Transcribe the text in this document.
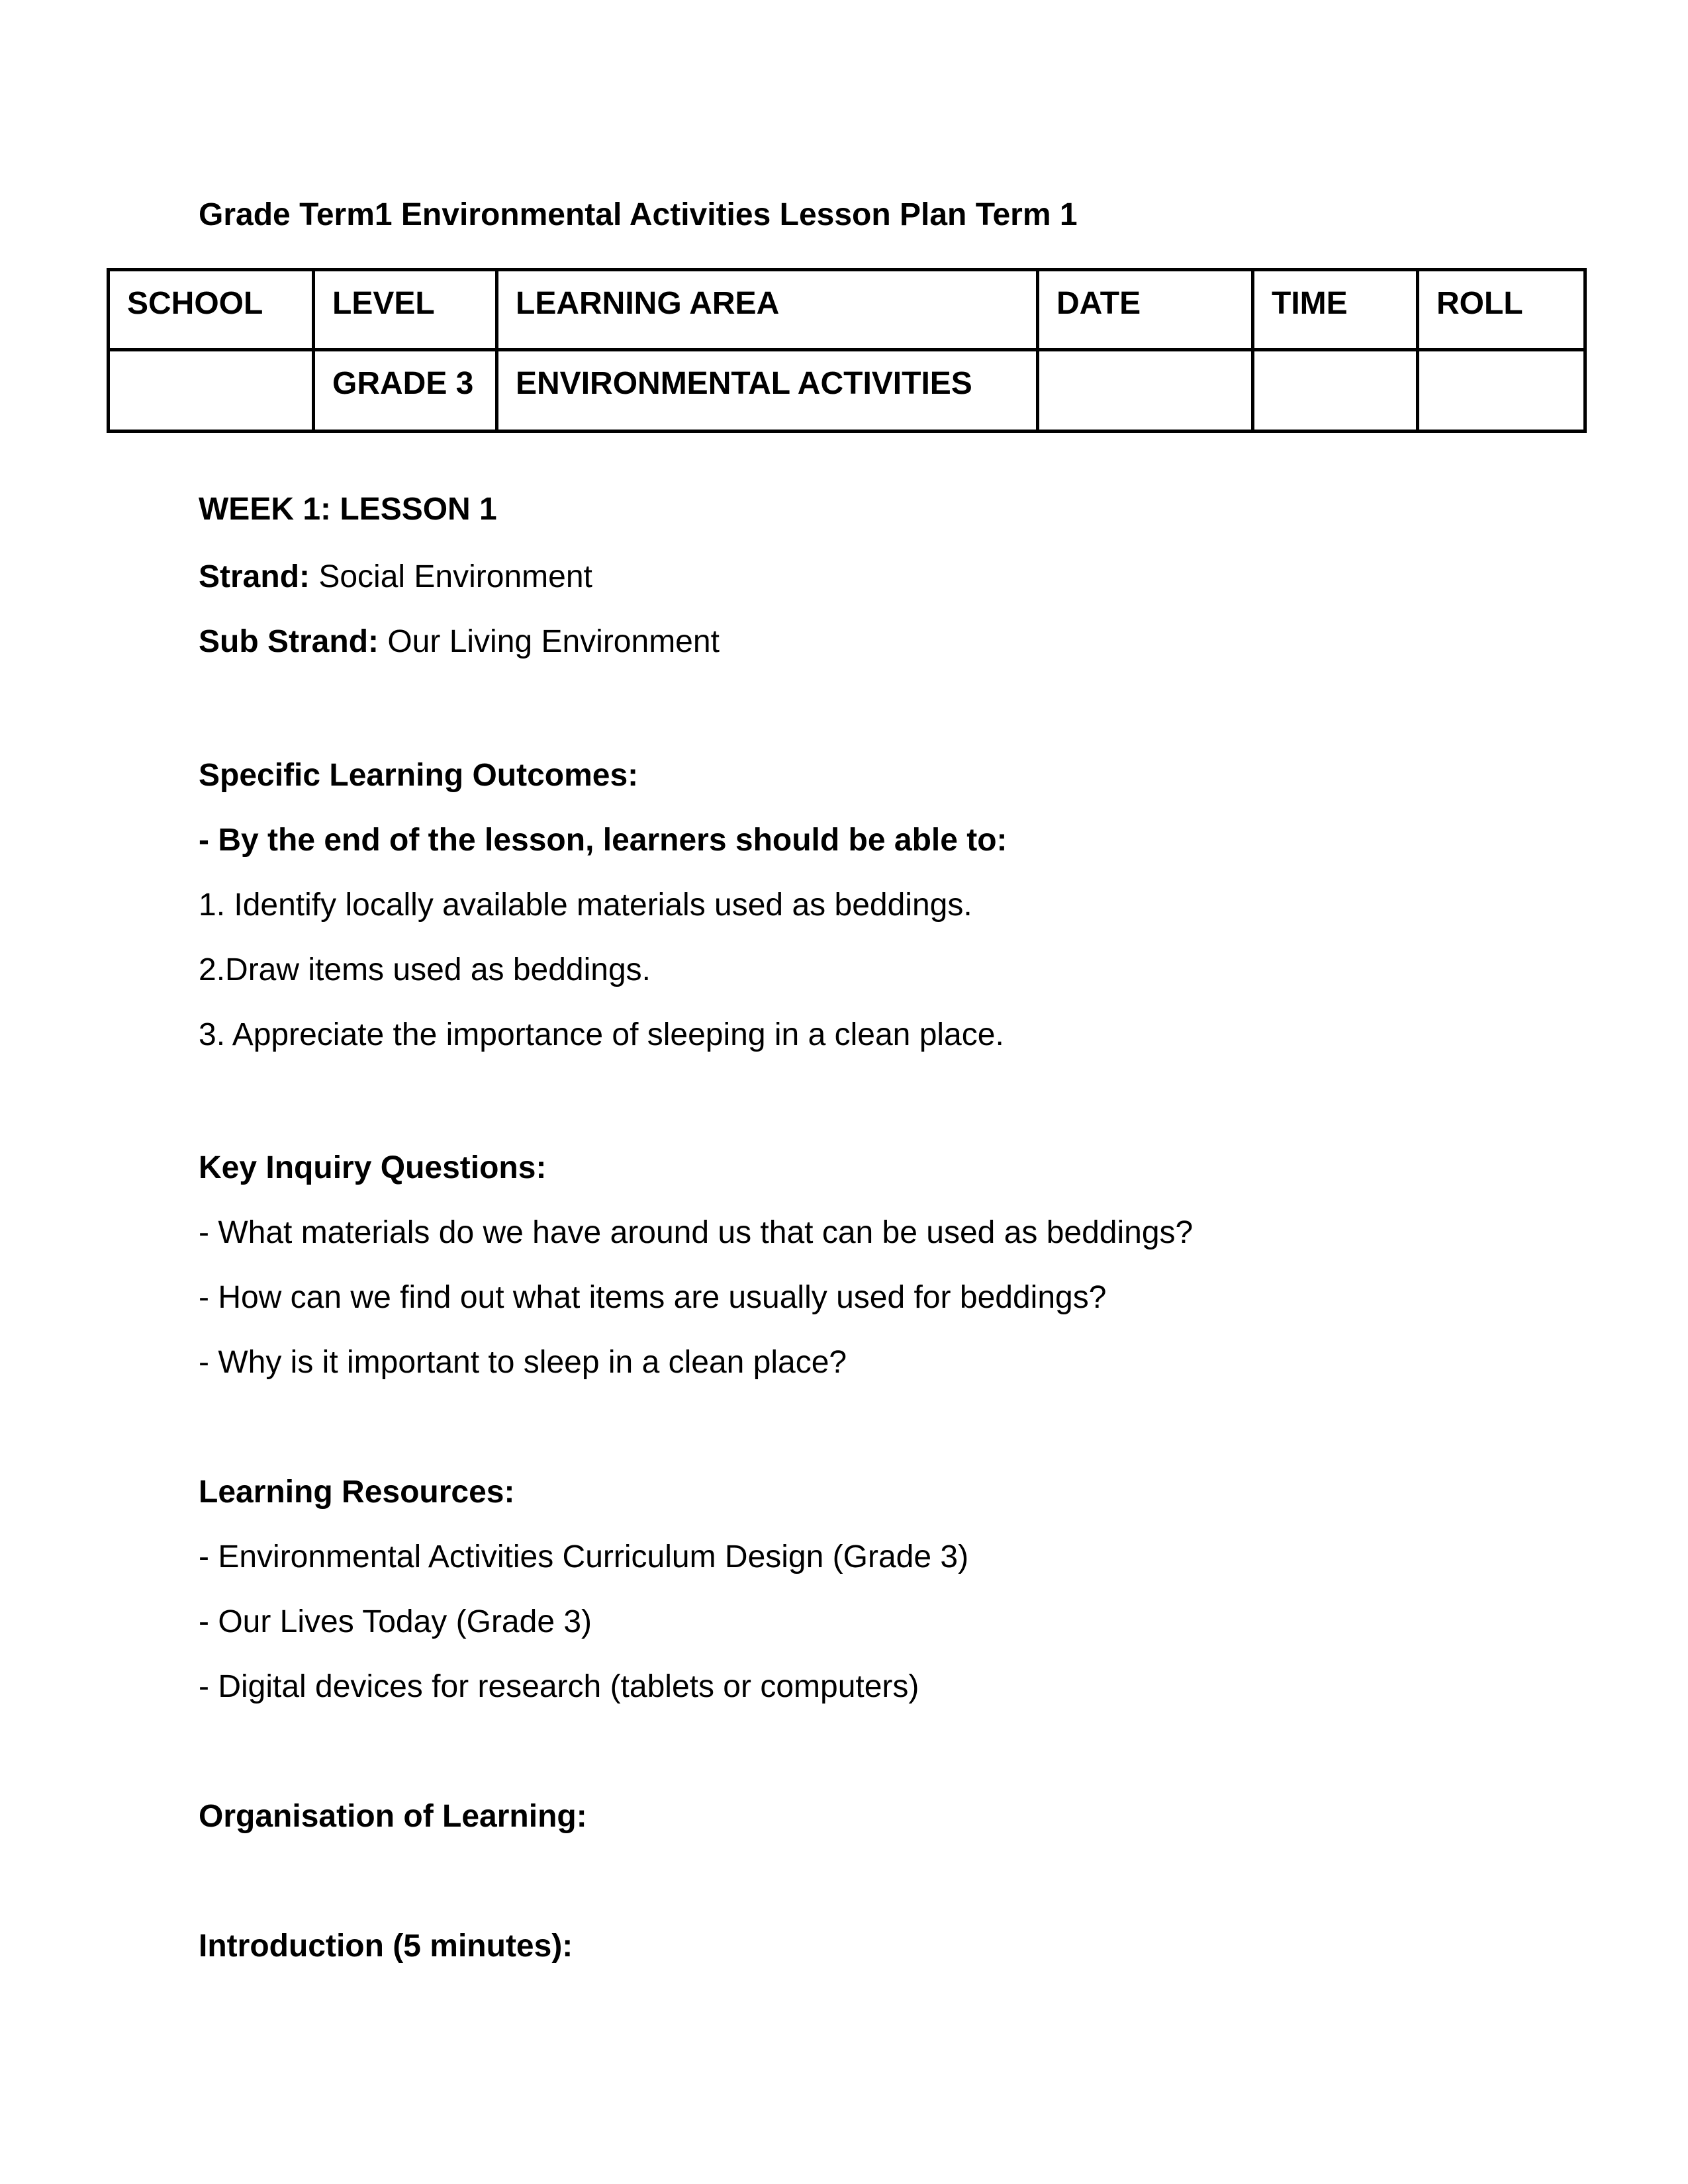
Grade Term1 Environmental Activities Lesson Plan Term 1
SCHOOL	LEVEL	LEARNING AREA	DATE	TIME	ROLL
	GRADE 3	ENVIRONMENTAL ACTIVITIES			
WEEK 1: LESSON 1
Strand: Social Environment
Sub Strand: Our Living Environment
Specific Learning Outcomes:
- By the end of the lesson, learners should be able to:
1. Identify locally available materials used as beddings.
2.Draw items used as beddings.
3. Appreciate the importance of sleeping in a clean place.
Key Inquiry Questions:
- What materials do we have around us that can be used as beddings?
- How can we find out what items are usually used for beddings?
- Why is it important to sleep in a clean place?
Learning Resources:
- Environmental Activities Curriculum Design (Grade 3)
- Our Lives Today (Grade 3)
- Digital devices for research (tablets or computers)
Organisation of Learning:
Introduction (5 minutes):
